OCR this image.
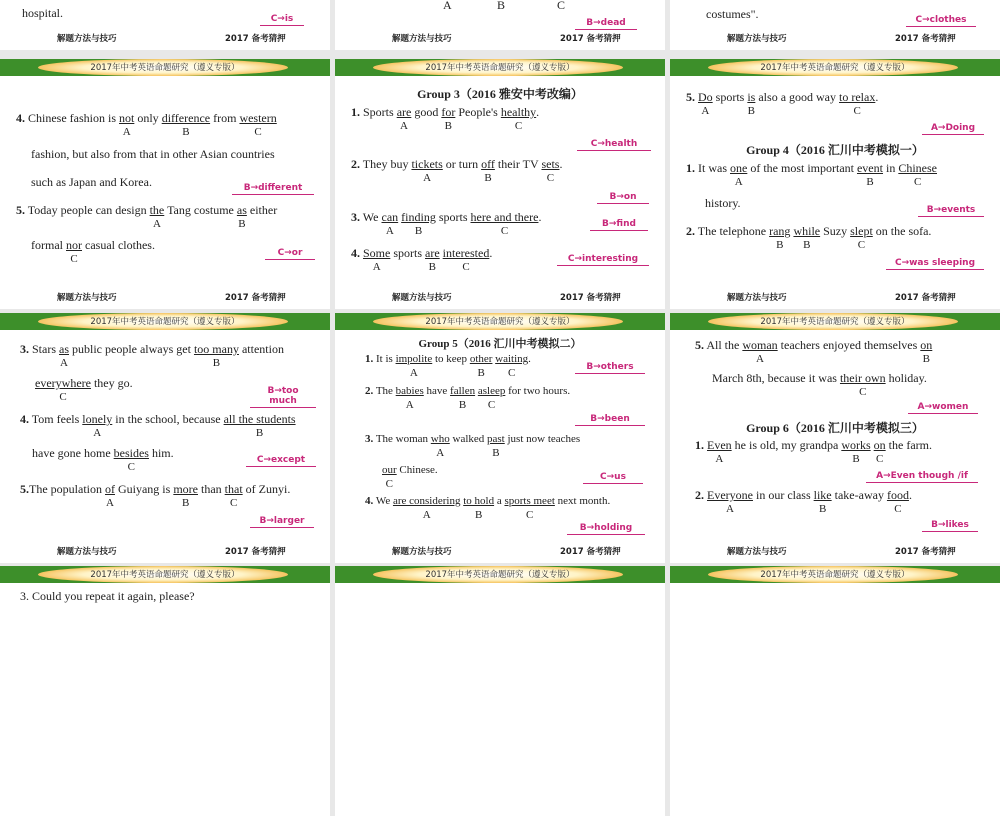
hospital.	C→is
解题方法与技巧	2017 备考猜押
A	B	C
B→dead
解题方法与技巧	2017 备考猜押
costumes".	C→clothes
解题方法与技巧	2017 备考猜押
2017年中考英语命题研究（遵义专版）
4. Chinese fashion is not
A
only difference
B
from western
C
fashion, but also from that in other Asian countries
such as Japan and Korea.	B→different
5. Today people can design the
A
Tang costume as
B
either
formal nor
C
casual clothes.
C→or
解题方法与技巧	2017 备考猜押
2017年中考英语命题研究（遵义专版）
Group 3（2016 雅安中考改编）
1. Sports are
A
good for
B
People's healthy
C
.
C→health
2. They buy tickets
A
or turn off
B
their TV sets
C
.
B→on
3. We can
A
finding
B
sports here and there
C
.	B→find
4. Some
A
sports are
B
interested
C
.	C→interesting
解题方法与技巧	2017 备考猜押
2017年中考英语命题研究（遵义专版）
5. Do
A
sports is
B
also a good way to relax
C
.
A→Doing
Group 4（2016 汇川中考模拟一）
1. It was one
A
of the most important event
B
in Chinese
C
history.	B→events
2. The telephone rang
B
while
B
Suzy slept
C
on the sofa.
C→was sleeping
解题方法与技巧	2017 备考猜押
2017年中考英语命题研究（遵义专版）
3. Stars as
A
public people always get too many
B
attention
everywhere
C
they go.
B→too much
4. Tom feels lonely
A
in the school, because all the students
B
have gone home besides
C
him.	C→except
5.The population of
A
Guiyang is more
B
than that
C
of Zunyi.
B→larger
解题方法与技巧	2017 备考猜押
2017年中考英语命题研究（遵义专版）
Group 5（2016 汇川中考模拟二）
1. It is impolite
A
to keep other
B
waiting
C
.
B→others
2. The babies
A
have fallen
B
asleep
C
for two hours.
B→been
3. The woman who
A
walked past
B
just now teaches
our
C
Chinese.
C→us
4. We are considering
A
to hold
B
a sports meet
C
next month.
B→holding
解题方法与技巧	2017 备考猜押
2017年中考英语命题研究（遵义专版）
5. All the woman
A
teachers enjoyed themselves on
B
March 8th, because it was their own
C
holiday.
A→women
Group 6（2016 汇川中考模拟三）
1. Even
A
he is old, my grandpa works
B
on
C
the farm.
A→Even though /if
2. Everyone
A
in our class like
B
take-away food
C
.
B→likes
解题方法与技巧	2017 备考猜押
2017年中考英语命题研究（遵义专版）
3. Could you repeat it again, please?
2017年中考英语命题研究（遵义专版）	2017年中考英语命题研究（遵义专版）
